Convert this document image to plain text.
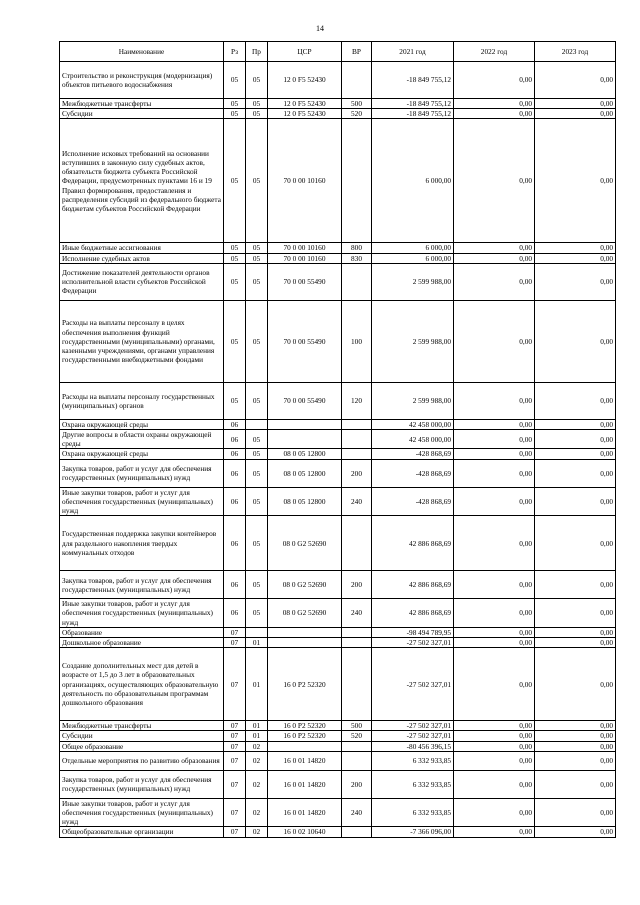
14
Наименование	Рз	Пр	ЦСР	ВР	2021 год	2022 год	2023 год
Строительство и реконструкция (модернизация) объектов питьевого водоснабжения	05	05	12 0 F5 52430		-18 849 755,12	0,00	0,00
Межбюджетные трансферты	05	05	12 0 F5 52430	500	-18 849 755,12	0,00	0,00
Субсидии	05	05	12 0 F5 52430	520	-18 849 755,12	0,00	0,00
Исполнение исковых требований на основании вступивших в законную силу судебных актов, обязательств бюджета субъекта Российской Федерации, предусмотренных пунктами 16 и 19 Правил формирования, предоставления и распределения субсидий из федерального бюджета бюджетам субъектов Российской Федерации	05	05	70 0 00 10160		6 000,00	0,00	0,00
Иные бюджетные ассигнования	05	05	70 0 00 10160	800	6 000,00	0,00	0,00
Исполнение судебных актов	05	05	70 0 00 10160	830	6 000,00	0,00	0,00
Достижение показателей деятельности органов исполнительной власти субъектов Российской Федерации	05	05	70 0 00 55490		2 599 988,00	0,00	0,00
Расходы на выплаты персоналу в целях обеспечения выполнения функций государственными (муниципальными) органами, казенными учреждениями, органами управления государственными внебюджетными фондами	05	05	70 0 00 55490	100	2 599 988,00	0,00	0,00
Расходы на выплаты персоналу государственных (муниципальных) органов	05	05	70 0 00 55490	120	2 599 988,00	0,00	0,00
Охрана окружающей среды	06				42 458 000,00	0,00	0,00
Другие вопросы в области охраны окружающей среды	06	05			42 458 000,00	0,00	0,00
Охрана окружающей среды	06	05	08 0 05 12800		-428 868,69	0,00	0,00
Закупка товаров, работ и услуг для обеспечения государственных (муниципальных) нужд	06	05	08 0 05 12800	200	-428 868,69	0,00	0,00
Иные закупки товаров, работ и услуг для обеспечения государственных (муниципальных) нужд	06	05	08 0 05 12800	240	-428 868,69	0,00	0,00
Государственная поддержка закупки контейнеров для раздельного накопления твердых коммунальных отходов	06	05	08 0 G2 52690		42 886 868,69	0,00	0,00
Закупка товаров, работ и услуг для обеспечения государственных (муниципальных) нужд	06	05	08 0 G2 52690	200	42 886 868,69	0,00	0,00
Иные закупки товаров, работ и услуг для обеспечения государственных (муниципальных) нужд	06	05	08 0 G2 52690	240	42 886 868,69	0,00	0,00
Образование	07				-98 494 789,95	0,00	0,00
Дошкольное образование	07	01			-27 502 327,01	0,00	0,00
Создание дополнительных мест для детей в возрасте от 1,5 до 3 лет в образовательных организациях, осуществляющих образовательную деятельность по образовательным программам дошкольного образования	07	01	16 0 P2 52320		-27 502 327,01	0,00	0,00
Межбюджетные трансферты	07	01	16 0 P2 52320	500	-27 502 327,01	0,00	0,00
Субсидии	07	01	16 0 P2 52320	520	-27 502 327,01	0,00	0,00
Общее образование	07	02			-80 456 396,15	0,00	0,00
Отдельные мероприятия по развитию образования	07	02	16 0 01 14820		6 332 933,85	0,00	0,00
Закупка товаров, работ и услуг для обеспечения государственных (муниципальных) нужд	07	02	16 0 01 14820	200	6 332 933,85	0,00	0,00
Иные закупки товаров, работ и услуг для обеспечения государственных (муниципальных) нужд	07	02	16 0 01 14820	240	6 332 933,85	0,00	0,00
Общеобразовательные организации	07	02	16 0 02 10640		-7 366 096,00	0,00	0,00
